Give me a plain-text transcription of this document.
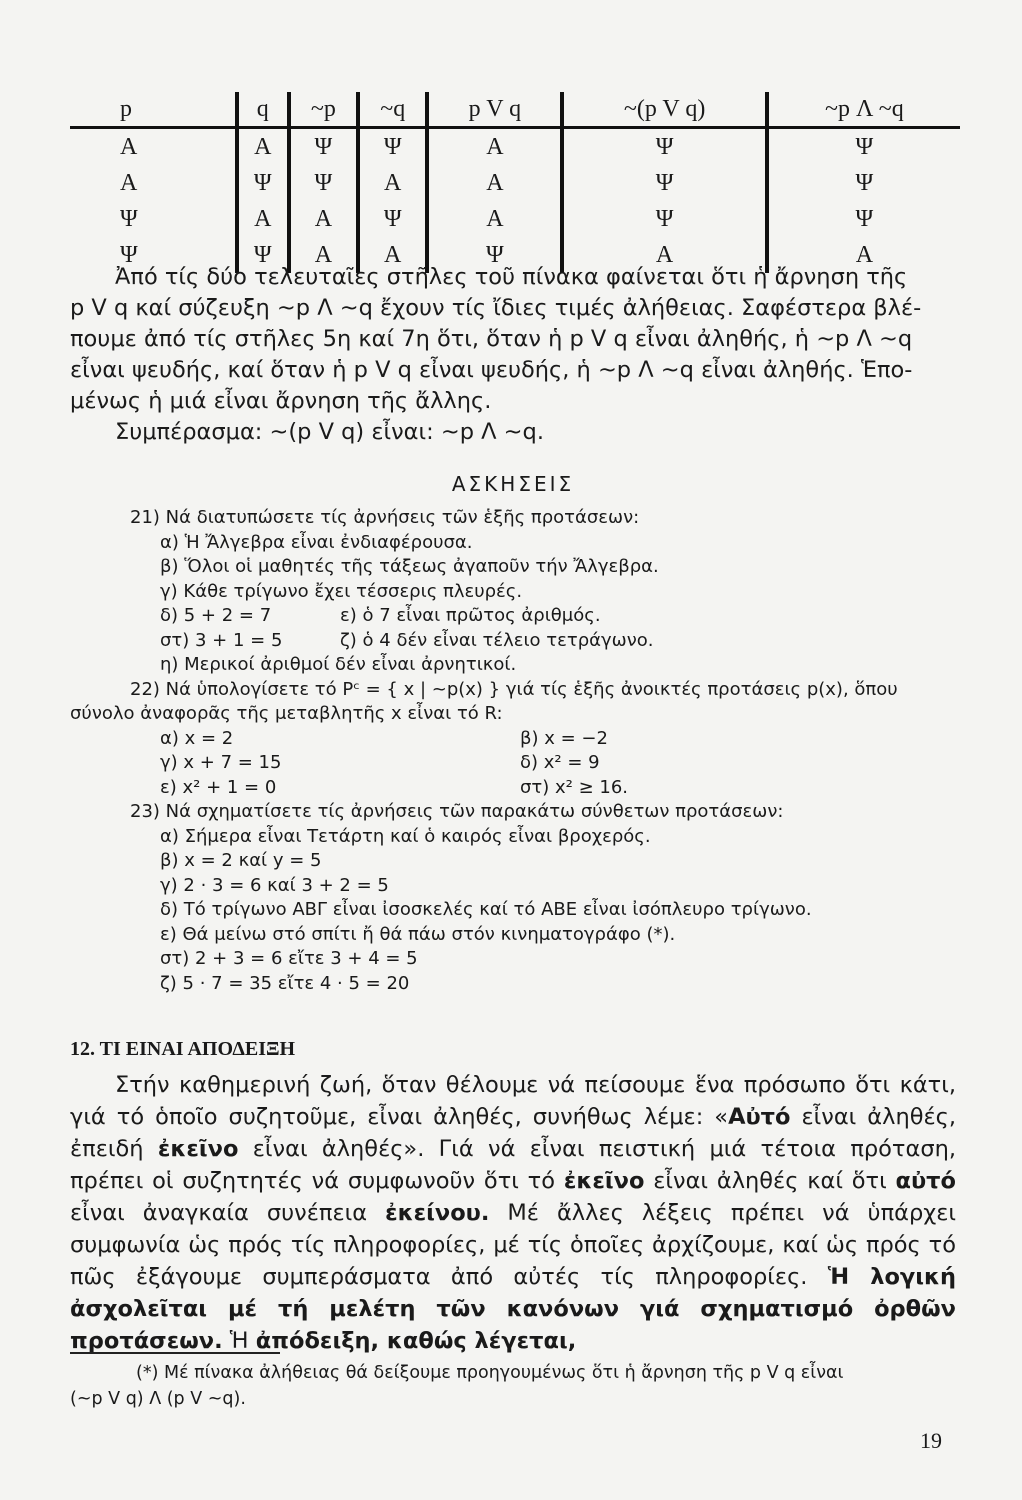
p	q	~p	~q	p V q	~(p V q)	~p Λ ~q
Α	Α	Ψ	Ψ	Α	Ψ	Ψ
Α	Ψ	Ψ	Α	Α	Ψ	Ψ
Ψ	Α	Α	Ψ	Α	Ψ	Ψ
Ψ	Ψ	Α	Α	Ψ	Α	Α

Ἀπό τίς δύο τελευταῖες στῆλες τοῦ πίνακα φαίνεται ὅτι ἡ ἄρνηση τῆς

p V q καί σύζευξη ~p Λ ~q ἔχουν τίς ἴδιες τιμές ἀλήθειας. Σαφέστερα βλέ-

πουμε ἀπό τίς στῆλες 5η καί 7η ὅτι, ὅταν ἡ p V q εἶναι ἀληθής, ἡ ~p Λ ~q

εἶναι ψευδής, καί ὅταν ἡ p V q εἶναι ψευδής, ἡ ~p Λ ~q εἶναι ἀληθής. Ἑπο-

μένως ἡ μιά εἶναι ἄρνηση τῆς ἄλλης.

Συμπέρασμα: ~(p V q) εἶναι: ~p Λ ~q.

ΑΣΚΗΣΕΙΣ

21) Νά διατυπώσετε τίς ἀρνήσεις τῶν ἑξῆς προτάσεων:

α) Ἡ Ἄλγεβρα εἶναι ἐνδιαφέρουσα.

β) Ὅλοι οἱ μαθητές τῆς τάξεως ἀγαποῦν τήν Ἄλγεβρα.

γ) Κάθε τρίγωνο ἔχει τέσσερις πλευρές.

δ) 5 + 2 = 7	ε) ὁ 7 εἶναι πρῶτος ἀριθμός.
στ) 3 + 1 = 5	ζ) ὁ 4 δέν εἶναι τέλειο τετράγωνο.

η) Μερικοί ἀριθμοί δέν εἶναι ἀρνητικοί.

22) Νά ὑπολογίσετε τό Pᶜ = { x | ~p(x) } γιά τίς ἑξῆς ἀνοικτές προτάσεις p(x), ὅπου

σύνολο ἀναφορᾶς τῆς μεταβλητῆς x εἶναι τό R:

α) x = 2	β) x = −2
γ) x + 7 = 15	δ) x² = 9
ε) x² + 1 = 0	στ) x² ≥ 16.

23) Νά σχηματίσετε τίς ἀρνήσεις τῶν παρακάτω σύνθετων προτάσεων:

α) Σήμερα εἶναι Τετάρτη καί ὁ καιρός εἶναι βροχερός.

β) x = 2 καί y = 5

γ) 2 · 3 = 6 καί 3 + 2 = 5

δ) Τό τρίγωνο ΑΒΓ εἶναι ἰσοσκελές καί τό ΑΒΕ εἶναι ἰσόπλευρο τρίγωνο.

ε) Θά μείνω στό σπίτι ἤ θά πάω στόν κινηματογράφο (*).

στ) 2 + 3 = 6 εἴτε 3 + 4 = 5

ζ) 5 · 7 = 35 εἴτε 4 · 5 = 20

12. ΤΙ ΕΙΝΑΙ ΑΠΟΔΕΙΞΗ

Στήν καθημερινή ζωή, ὅταν θέλουμε νά πείσουμε ἕνα πρόσωπο ὅτι κάτι, γιά τό ὁποῖο συζητοῦμε, εἶναι ἀληθές, συνήθως λέμε: «Αὐτό εἶναι ἀληθές, ἐπειδή ἐκεῖνο εἶναι ἀληθές». Γιά νά εἶναι πειστική μιά τέτοια πρόταση, πρέπει οἱ συζητητές νά συμφωνοῦν ὅτι τό ἐκεῖνο εἶναι ἀληθές καί ὅτι αὐτό εἶναι ἀναγκαία συνέπεια ἐκείνου. Μέ ἄλλες λέξεις πρέπει νά ὑπάρχει συμφωνία ὡς πρός τίς πληροφορίες, μέ τίς ὁποῖες ἀρχίζουμε, καί ὡς πρός τό πῶς ἐξάγουμε συμπεράσματα ἀπό αὐτές τίς πληροφορίες. Ἡ λογική ἀσχολεῖται μέ τή μελέτη τῶν κανόνων γιά σχηματισμό ὀρθῶν προτάσεων. Ἡ ἀπόδειξη, καθώς λέγεται,

(*) Μέ πίνακα ἀλήθειας θά δείξουμε προηγουμένως ὅτι ἡ ἄρνηση τῆς p V q εἶναι

(~p V q) Λ (p V ~q).

19
